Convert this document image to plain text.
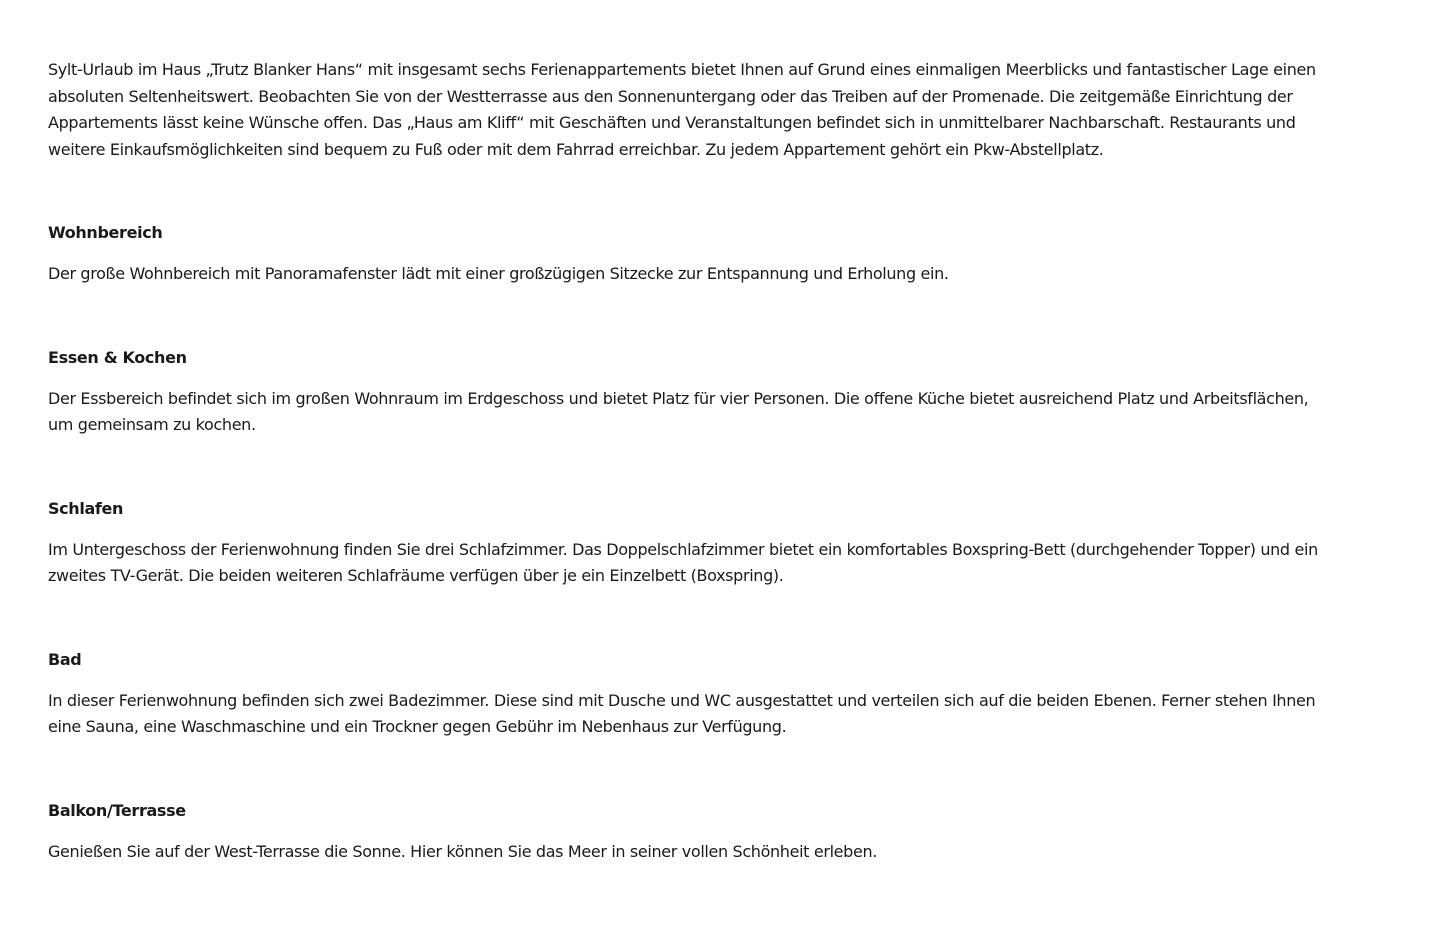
Sylt-Urlaub im Haus „Trutz Blanker Hans“ mit insgesamt sechs Ferienappartements bietet Ihnen auf Grund eines einmaligen Meerblicks und fantastischer Lage einen absoluten Seltenheitswert. Beobachten Sie von der Westterrasse aus den Sonnenuntergang oder das Treiben auf der Promenade. Die zeitgemäße Einrichtung der Appartements lässt keine Wünsche offen. Das „Haus am Kliff“ mit Geschäften und Veranstaltungen befindet sich in unmittelbarer Nachbarschaft. Restaurants und weitere Einkaufsmöglichkeiten sind bequem zu Fuß oder mit dem Fahrrad erreichbar. Zu jedem Appartement gehört ein Pkw-Abstellplatz.

Wohnbereich

Der große Wohnbereich mit Panoramafenster lädt mit einer großzügigen Sitzecke zur Entspannung und Erholung ein.

Essen & Kochen

Der Essbereich befindet sich im großen Wohnraum im Erdgeschoss und bietet Platz für vier Personen. Die offene Küche bietet ausreichend Platz und Arbeitsflächen, um gemeinsam zu kochen.

Schlafen

Im Untergeschoss der Ferienwohnung finden Sie drei Schlafzimmer. Das Doppelschlafzimmer bietet ein komfortables Boxspring-Bett (durchgehender Topper) und ein zweites TV-Gerät. Die beiden weiteren Schlafräume verfügen über je ein Einzelbett (Boxspring).

Bad

In dieser Ferienwohnung befinden sich zwei Badezimmer. Diese sind mit Dusche und WC ausgestattet und verteilen sich auf die beiden Ebenen. Ferner stehen Ihnen eine Sauna, eine Waschmaschine und ein Trockner gegen Gebühr im Nebenhaus zur Verfügung.

Balkon/Terrasse

Genießen Sie auf der West-Terrasse die Sonne. Hier können Sie das Meer in seiner vollen Schönheit erleben.
